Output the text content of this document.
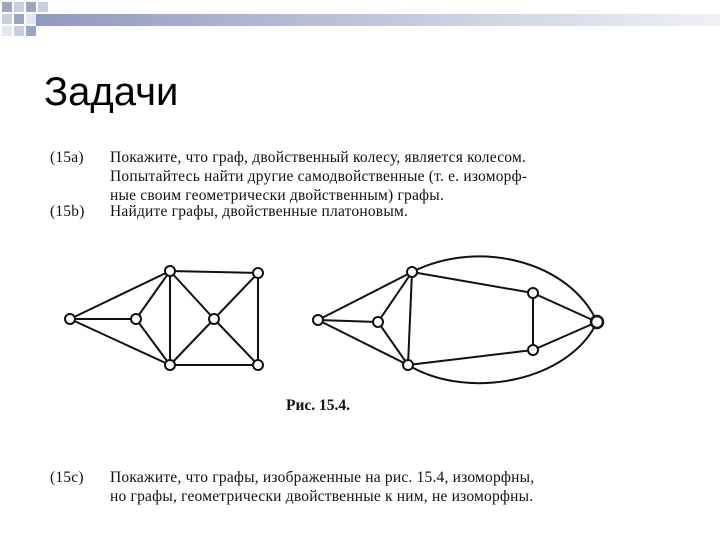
Задачи
(15a)	Покажите, что граф, двойственный колесу, является колесом.
Попытайтесь найти другие самодвойственные (т. е. изоморф-
ные своим геометрически двойственным) графы.
(15b)	Найдите графы, двойственные платоновым.
Рис. 15.4.
(15c)	Покажите, что графы, изображенные на рис. 15.4, изоморфны,
но графы, геометрически двойственные к ним, не изоморфны.
